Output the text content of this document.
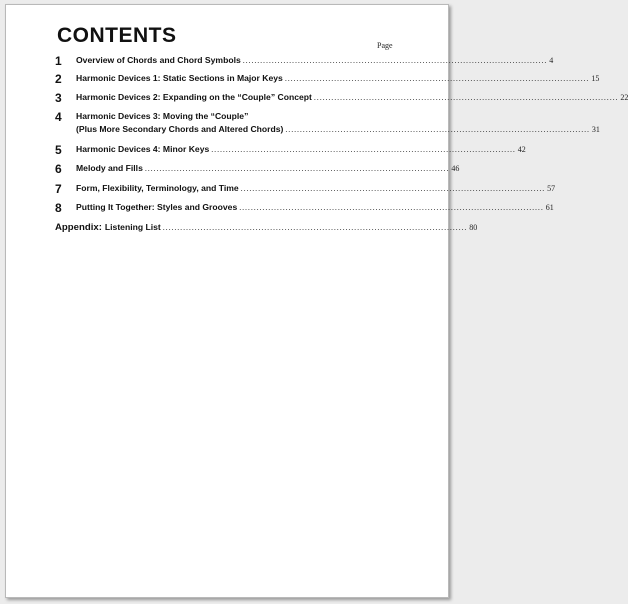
CONTENTS	Page
1 Overview of Chords and Chord Symbols ......................................................................................................... 4
2 Harmonic Devices 1: Static Sections in Major Keys ......................................................................................................... 15
3 Harmonic Devices 2: Expanding on the “Couple” Concept ......................................................................................................... 22
4 Harmonic Devices 3: Moving the “Couple”
(Plus More Secondary Chords and Altered Chords) ......................................................................................................... 31
5 Harmonic Devices 4: Minor Keys ......................................................................................................... 42
6 Melody and Fills ......................................................................................................... 46
7 Form, Flexibility, Terminology, and Time ......................................................................................................... 57
8 Putting It Together: Styles and Grooves ......................................................................................................... 61
Appendix: Listening List ......................................................................................................... 80
